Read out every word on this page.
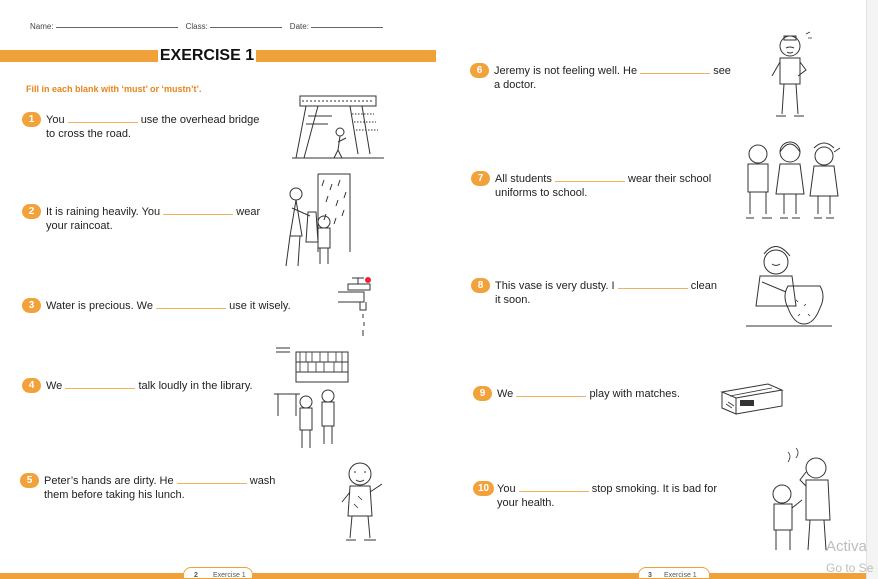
Name:	Class:	Date:
EXERCISE 1
Fill in each blank with ‘must’ or ‘mustn’t’.
1	You	use the overhead bridge
to cross the road.
2	It is raining heavily. You	wear
your raincoat.
3	Water is precious. We	use it wisely.
4	We	talk loudly in the library.
5	Peter’s hands are dirty. He	wash
them before taking his lunch.
2 Exercise 1
6	Jeremy is not feeling well. He	see
a doctor.
7	All students	wear their school
uniforms to school.
8	This vase is very dusty. I	clean
it soon.
9	We	play with matches.
10 You	stop smoking. It is bad for
your health.
3 Exercise 1
Activa
Go to Se
